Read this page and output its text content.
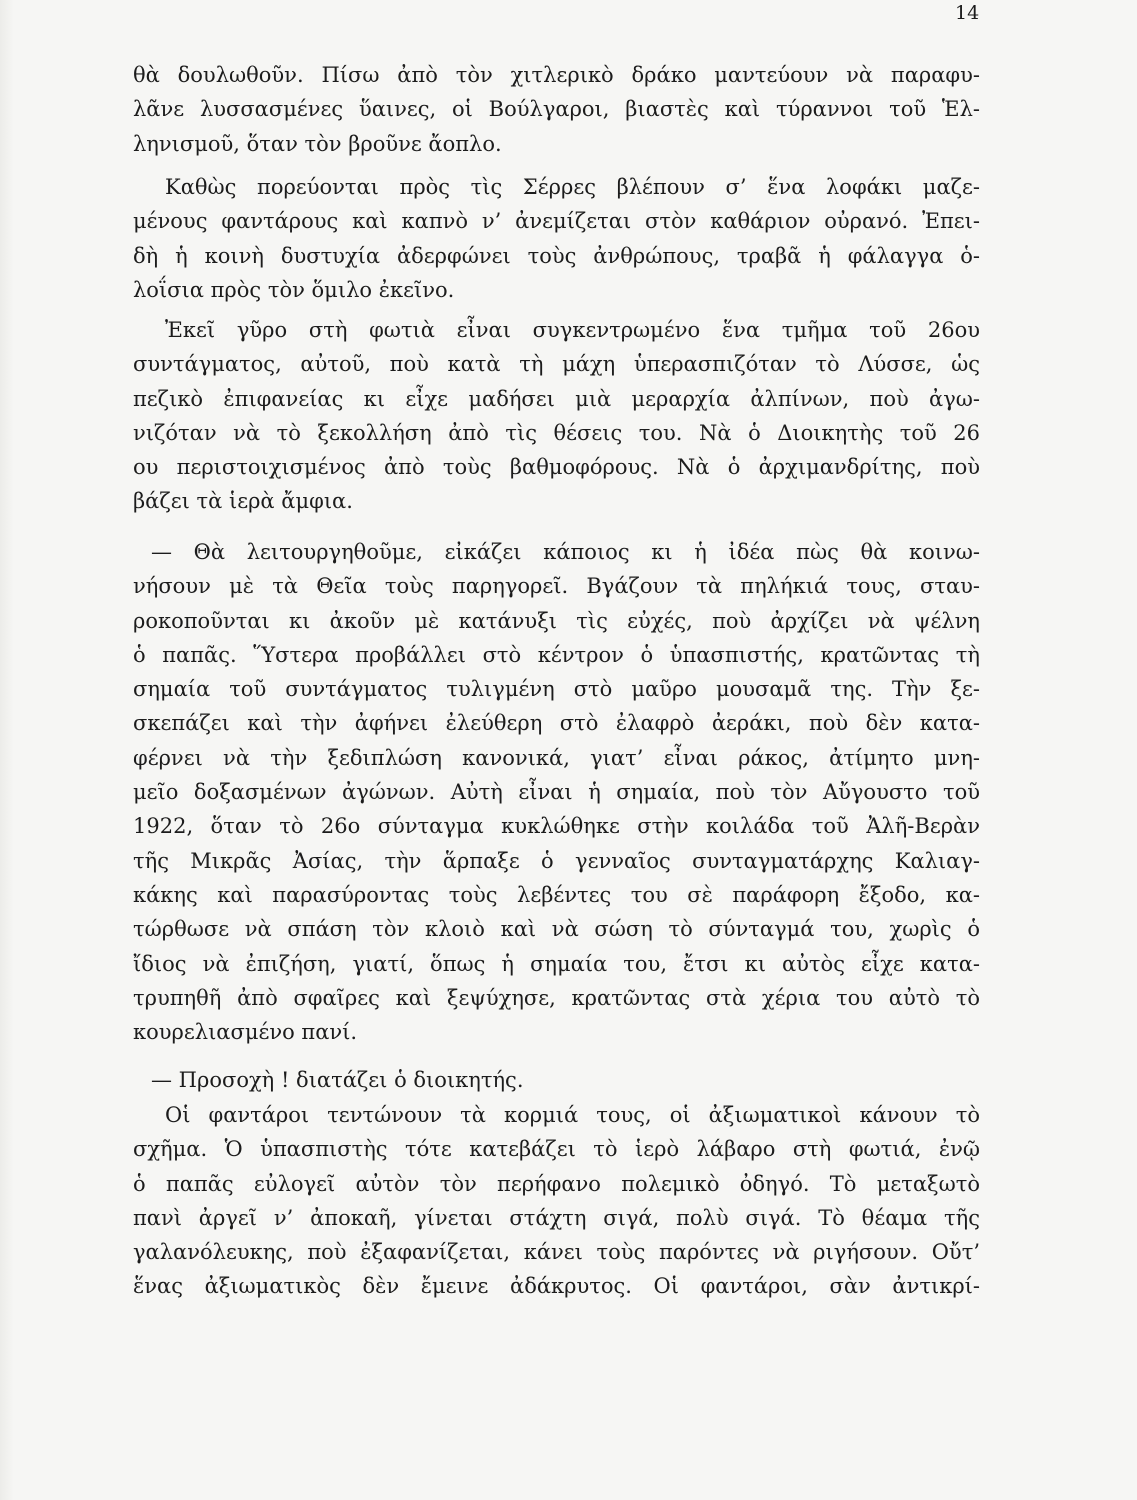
14
θὰ δουλωθοῦν. Πίσω ἀπὸ τὸν χιτλερικὸ δράκο μαντεύουν νὰ παραφυ-
λᾶνε λυσσασμένες ὕαινες, οἱ Βούλγαροι, βιαστὲς καὶ τύραννοι τοῦ Ἑλ-
ληνισμοῦ, ὅταν τὸν βροῦνε ἄοπλο.
Καθὼς πορεύονται πρὸς τὶς Σέρρες βλέπουν σ’ ἕνα λοφάκι μαζε-
μένους φαντάρους καὶ καπνὸ ν’ ἀνεμίζεται στὸν καθάριον οὐρανό. Ἐπει-
δὴ ἡ κοινὴ δυστυχία ἀδερφώνει τοὺς ἀνθρώπους, τραβᾶ ἡ φάλαγγα ὁ-
λοΐσια πρὸς τὸν ὅμιλο ἐκεῖνο.
Ἐκεῖ γῦρο στὴ φωτιὰ εἶναι συγκεντρωμένο ἕνα τμῆμα τοῦ 26ου
συντάγματος, αὐτοῦ, ποὺ κατὰ τὴ μάχη ὑπερασπιζόταν τὸ Λύσσε, ὡς
πεζικὸ ἐπιφανείας κι εἶχε μαδήσει μιὰ μεραρχία ἀλπίνων, ποὺ ἀγω-
νιζόταν νὰ τὸ ξεκολλήση ἀπὸ τὶς θέσεις του. Νὰ ὁ Διοικητὴς τοῦ 26
ου περιστοιχισμένος ἀπὸ τοὺς βαθμοφόρους. Νὰ ὁ ἀρχιμανδρίτης, ποὺ
βάζει τὰ ἱερὰ ἄμφια.
— Θὰ λειτουργηθοῦμε, εἰκάζει κάποιος κι ἡ ἰδέα πὼς θὰ κοινω-
νήσουν μὲ τὰ Θεῖα τοὺς παρηγορεῖ. Βγάζουν τὰ πηλήκιά τους, σταυ-
ροκοποῦνται κι ἀκοῦν μὲ κατάνυξι τὶς εὐχές, ποὺ ἀρχίζει νὰ ψέλνη
ὁ παπᾶς. Ὕστερα προβάλλει στὸ κέντρον ὁ ὑπασπιστής, κρατῶντας τὴ
σημαία τοῦ συντάγματος τυλιγμένη στὸ μαῦρο μουσαμᾶ της. Τὴν ξε-
σκεπάζει καὶ τὴν ἀφήνει ἐλεύθερη στὸ ἐλαφρὸ ἀεράκι, ποὺ δὲν κατα-
φέρνει νὰ τὴν ξεδιπλώση κανονικά, γιατ’ εἶναι ράκος, ἀτίμητο μνη-
μεῖο δοξασμένων ἀγώνων. Αὐτὴ εἶναι ἡ σημαία, ποὺ τὸν Αὔγουστο τοῦ
1922, ὅταν τὸ 26ο σύνταγμα κυκλώθηκε στὴν κοιλάδα τοῦ Ἀλῆ-Βερὰν
τῆς Μικρᾶς Ἀσίας, τὴν ἅρπαξε ὁ γενναῖος συνταγματάρχης Καλιαγ-
κάκης καὶ παρασύροντας τοὺς λεβέντες του σὲ παράφορη ἔξοδο, κα-
τώρθωσε νὰ σπάση τὸν κλοιὸ καὶ νὰ σώση τὸ σύνταγμά του, χωρὶς ὁ
ἴδιος νὰ ἐπιζήση, γιατί, ὅπως ἡ σημαία του, ἔτσι κι αὐτὸς εἶχε κατα-
τρυπηθῆ ἀπὸ σφαῖρες καὶ ξεψύχησε, κρατῶντας στὰ χέρια του αὐτὸ τὸ
κουρελιασμένο πανί.
— Προσοχὴ ! διατάζει ὁ διοικητής.
Οἱ φαντάροι τεντώνουν τὰ κορμιά τους, οἱ ἀξιωματικοὶ κάνουν τὸ
σχῆμα. Ὁ ὑπασπιστὴς τότε κατεβάζει τὸ ἱερὸ λάβαρο στὴ φωτιά, ἐνῷ
ὁ παπᾶς εὐλογεῖ αὐτὸν τὸν περήφανο πολεμικὸ ὀδηγό. Τὸ μεταξωτὸ
πανὶ ἀργεῖ ν’ ἀποκαῆ, γίνεται στάχτη σιγά, πολὺ σιγά. Τὸ θέαμα τῆς
γαλανόλευκης, ποὺ ἐξαφανίζεται, κάνει τοὺς παρόντες νὰ ριγήσουν. Οὔτ’
ἕνας ἀξιωματικὸς δὲν ἔμεινε ἀδάκρυτος. Οἱ φαντάροι, σὰν ἀντικρί-
